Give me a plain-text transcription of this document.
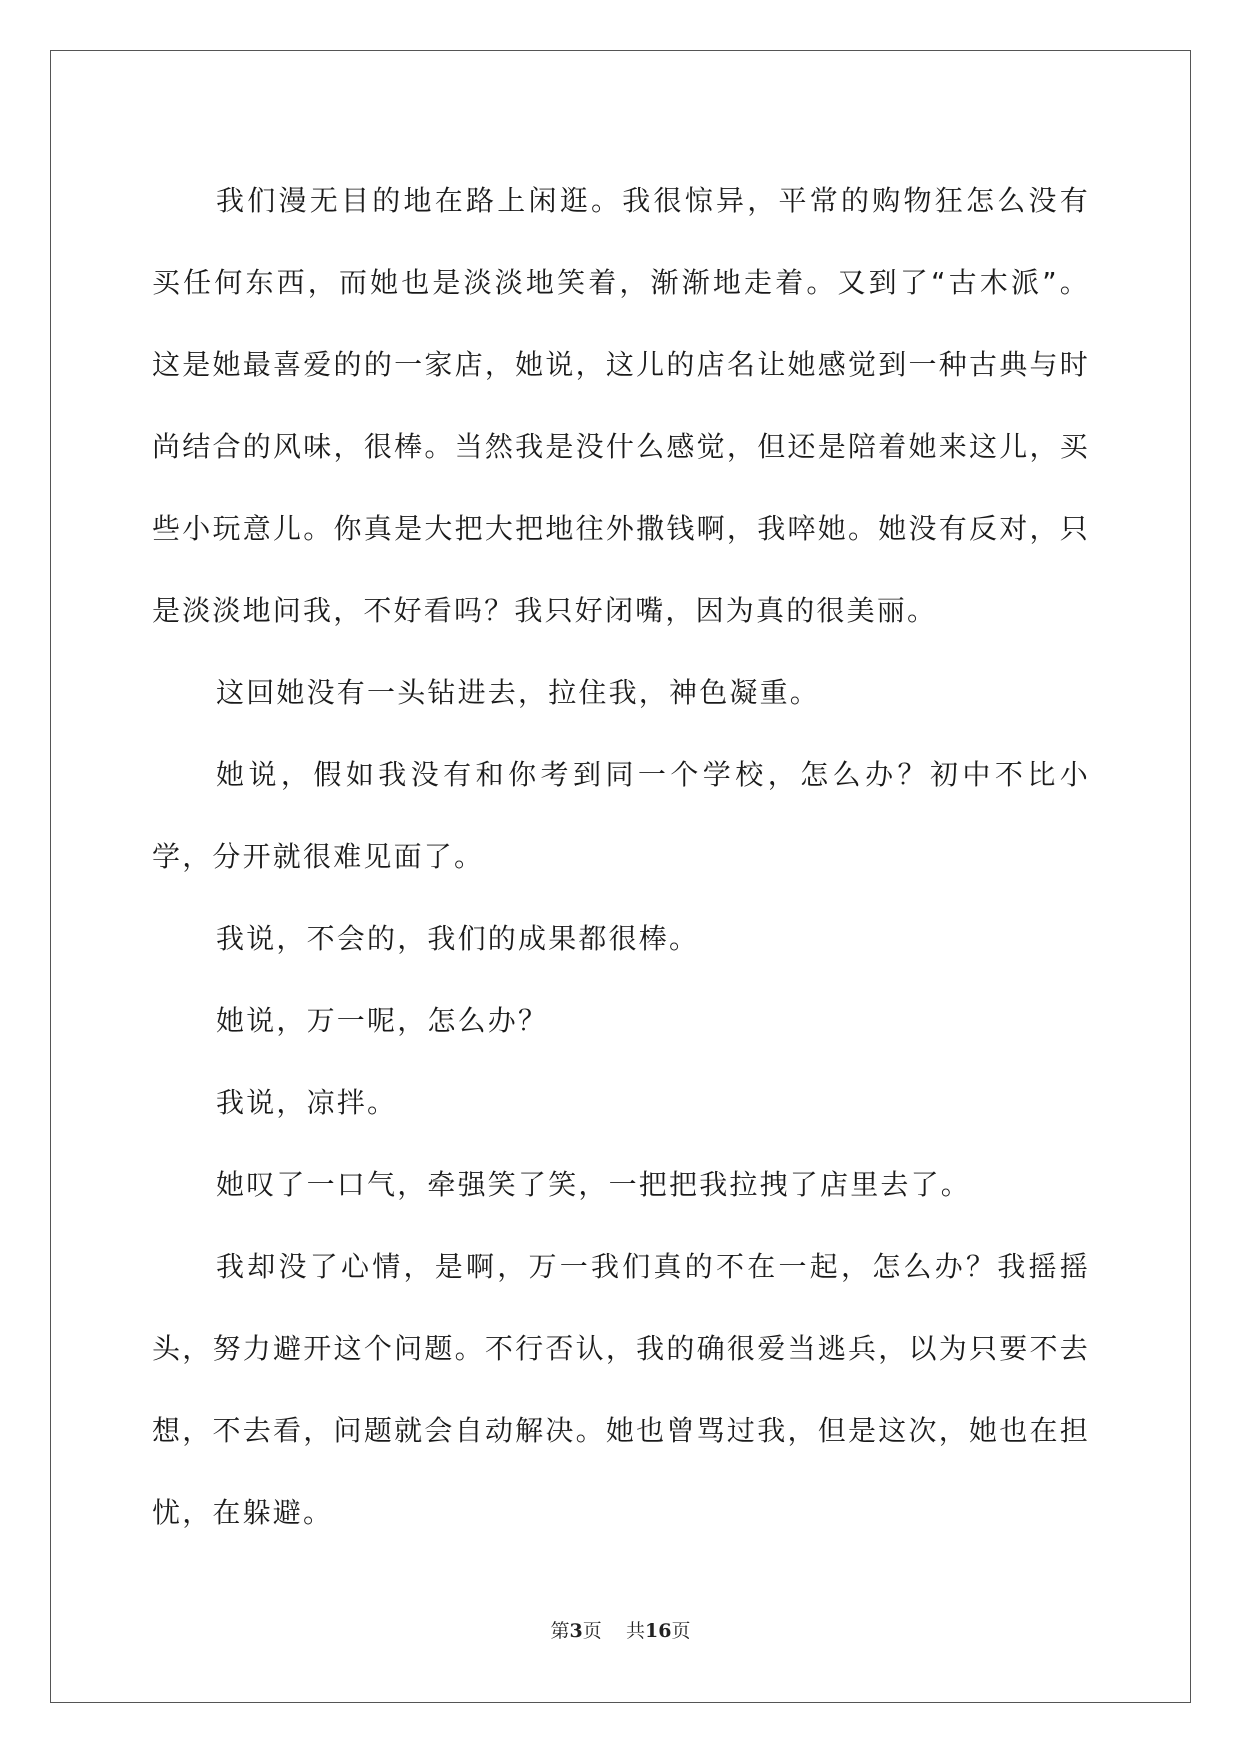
我们漫无目的地在路上闲逛。我很惊异，平常的购物狂怎么没有买任何东西，而她也是淡淡地笑着，渐渐地走着。又到了“古木派”。这是她最喜爱的的一家店，她说，这儿的店名让她感觉到一种古典与时尚结合的风味，很棒。当然我是没什么感觉，但还是陪着她来这儿，买些小玩意儿。你真是大把大把地往外撒钱啊，我啐她。她没有反对，只是淡淡地问我，不好看吗？我只好闭嘴，因为真的很美丽。

这回她没有一头钻进去，拉住我，神色凝重。

她说，假如我没有和你考到同一个学校，怎么办？初中不比小学，分开就很难见面了。

我说，不会的，我们的成果都很棒。

她说，万一呢，怎么办？

我说，凉拌。

她叹了一口气，牵强笑了笑，一把把我拉拽了店里去了。

我却没了心情，是啊，万一我们真的不在一起，怎么办？我摇摇头，努力避开这个问题。不行否认，我的确很爱当逃兵，以为只要不去想，不去看，问题就会自动解决。她也曾骂过我，但是这次，她也在担忧，在躲避。

第3页 共16页
